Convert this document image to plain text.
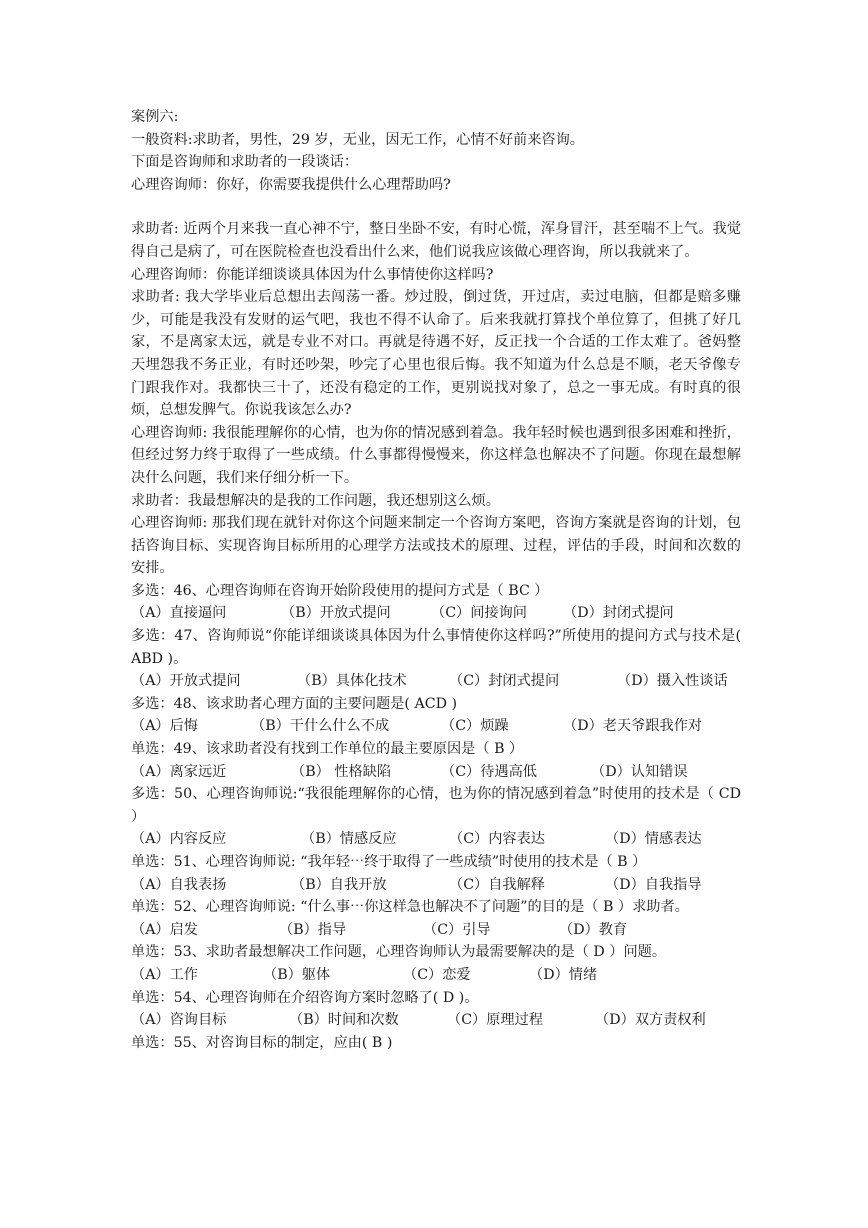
案例六:
一般资料:求助者，男性，29 岁，无业，因无工作，心情不好前来咨询。
下面是咨询师和求助者的一段谈话：
心理咨询师：你好，你需要我提供什么心理帮助吗?
求助者: 近两个月来我一直心神不宁，整日坐卧不安，有时心慌，浑身冒汗，甚至喘不上气。我觉得自己是病了，可在医院检查也没看出什么来，他们说我应该做心理咨询，所以我就来了。
心理咨询师：你能详细谈谈具体因为什么事情使你这样吗?
求助者: 我大学毕业后总想出去闯荡一番。炒过股，倒过货，开过店，卖过电脑，但都是赔多赚少，可能是我没有发财的运气吧，我也不得不认命了。后来我就打算找个单位算了，但挑了好几家，不是离家太远，就是专业不对口。再就是待遇不好，反正找一个合适的工作太难了。爸妈整天埋怨我不务正业，有时还吵架，吵完了心里也很后悔。我不知道为什么总是不顺，老天爷像专门跟我作对。我都快三十了，还没有稳定的工作，更别说找对象了，总之一事无成。有时真的很烦，总想发脾气。你说我该怎么办?
心理咨询师: 我很能理解你的心情，也为你的情况感到着急。我年轻时候也遇到很多困难和挫折，但经过努力终于取得了一些成绩。什么事都得慢慢来，你这样急也解决不了问题。你现在最想解决什么问题，我们来仔细分析一下。
求助者：我最想解决的是我的工作问题，我还想别这么烦。
心理咨询师: 那我们现在就针对你这个问题来制定一个咨询方案吧，咨询方案就是咨询的计划，包括咨询目标、实现咨询目标所用的心理学方法或技术的原理、过程，评估的手段，时间和次数的安排。
多选：46、心理咨询师在咨询开始阶段使用的提问方式是（ BC ）
（A）直接逼问	（B）开放式提问	（C）间接询问	（D）封闭式提问
多选：47、咨询师说“你能详细谈谈具体因为什么事情使你这样吗?”所使用的提问方式与技术是( ABD )。
（A）开放式提问	（B）具体化技术	（C）封闭式提问	（D）摄入性谈话
多选：48、该求助者心理方面的主要问题是( ACD )
（A）后悔	（B）干什么什么不成	（C）烦躁	（D）老天爷跟我作对
单选：49、该求助者没有找到工作单位的最主要原因是（ B ）
（A）离家远近	（B） 性格缺陷	（C）待遇高低	（D）认知错误
多选：50、心理咨询师说:“我很能理解你的心情，也为你的情况感到着急”时使用的技术是（ CD ）
（A）内容反应	（B）情感反应	（C）内容表达	（D）情感表达
单选：51、心理咨询师说: “我年轻⋯终于取得了一些成绩”时使用的技术是（ B ）
（A）自我表扬	（B）自我开放	（C）自我解释	（D）自我指导
单选：52、心理咨询师说: “什么事⋯你这样急也解决不了问题”的目的是（ B ）求助者。
（A）启发	（B）指导	（C）引导	（D）教育
单选：53、求助者最想解决工作问题，心理咨询师认为最需要解决的是（ D ）问题。
（A）工作	（B）躯体	（C）恋爱	（D）情绪
单选：54、心理咨询师在介绍咨询方案时忽略了( D )。
（A）咨询目标	（B）时间和次数	（C）原理过程	（D）双方责权利
单选：55、对咨询目标的制定，应由( B )
